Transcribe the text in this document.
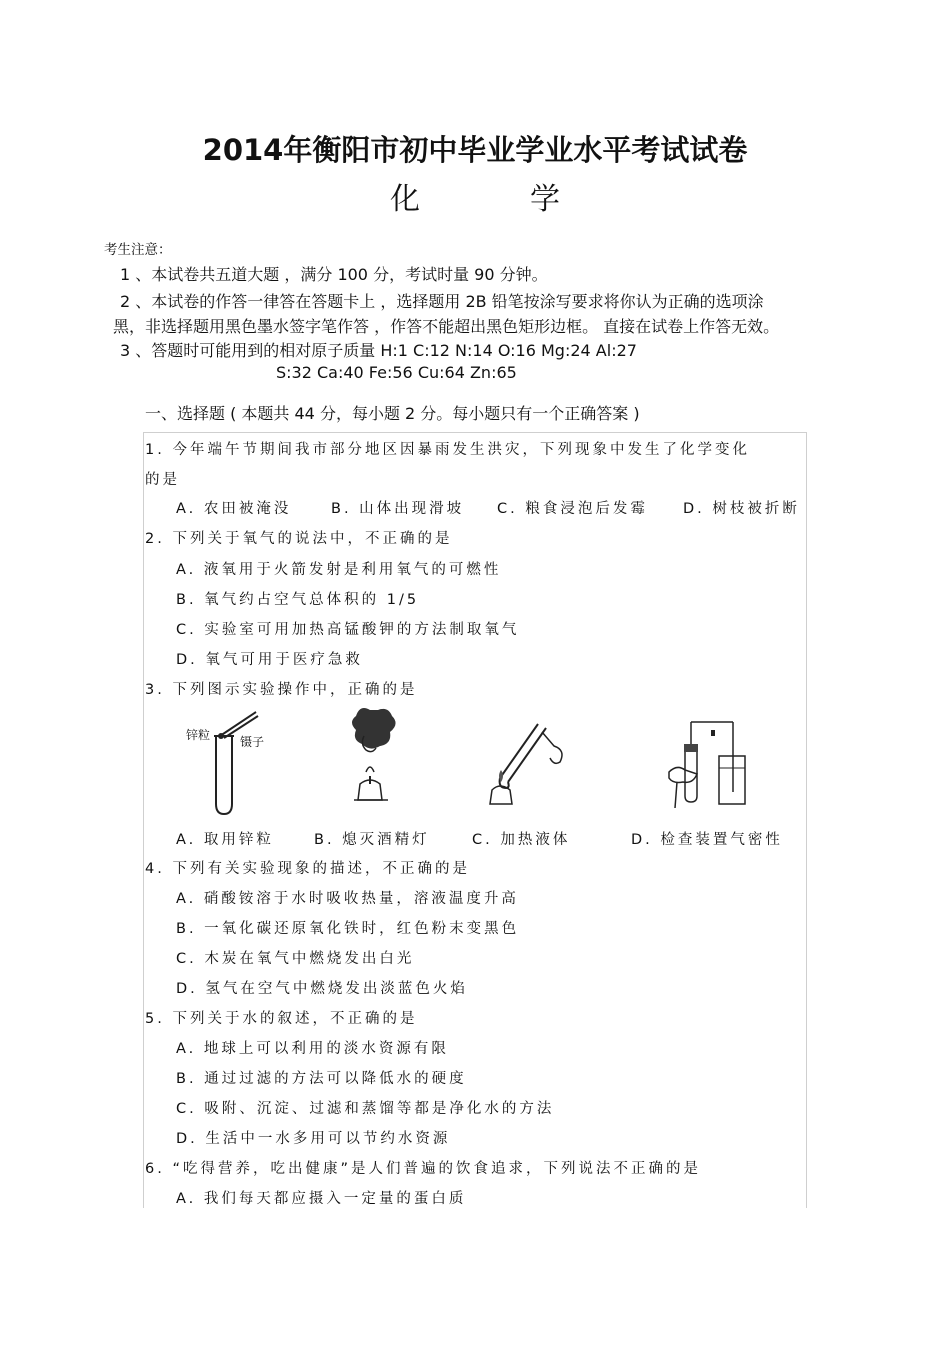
2014年衡阳市初中毕业学业水平考试试卷
化	学
考生注意：
1 、本试卷共五道大题 ，满分 100 分，考试时量 90 分钟。
2 、本试卷的作答一律答在答题卡上 ，选择题用 2B 铅笔按涂写要求将你认为正确的选项涂
黑，非选择题用黑色墨水签字笔作答 ，作答不能超出黑色矩形边框。 直接在试卷上作答无效。
3 、答题时可能用到的相对原子质量 H:1 C:12 N:14 O:16 Mg:24 Al:27
S:32 Ca:40 Fe:56 Cu:64 Zn:65
一、选择题 ( 本题共 44 分，每小题 2 分。每小题只有一个正确答案 )
1. 今年端午节期间我市部分地区因暴雨发生洪灾，下列现象中发生了化学变化
的是
A. 农田被淹没	B. 山体出现滑坡 C. 粮食浸泡后发霉 D. 树枝被折断
2. 下列关于氧气的说法中，不正确的是
A. 液氧用于火箭发射是利用氧气的可燃性
B. 氧气约占空气总体积的 1/5
C. 实验室可用加热高锰酸钾的方法制取氧气
D. 氧气可用于医疗急救
3. 下列图示实验操作中，正确的是
锌粒 镊子
A. 取用锌粒	B. 熄灭酒精灯	C. 加热液体	D. 检查装置气密性
4. 下列有关实验现象的描述，不正确的是
A. 硝酸铵溶于水时吸收热量，溶液温度升高
B. 一氧化碳还原氧化铁时，红色粉末变黑色
C. 木炭在氧气中燃烧发出白光
D. 氢气在空气中燃烧发出淡蓝色火焰
5. 下列关于水的叙述，不正确的是
A. 地球上可以利用的淡水资源有限
B. 通过过滤的方法可以降低水的硬度
C. 吸附、沉淀、过滤和蒸馏等都是净化水的方法
D. 生活中一水多用可以节约水资源
6. “吃得营养，吃出健康”是人们普遍的饮食追求，下列说法不正确的是
A. 我们每天都应摄入一定量的蛋白质
